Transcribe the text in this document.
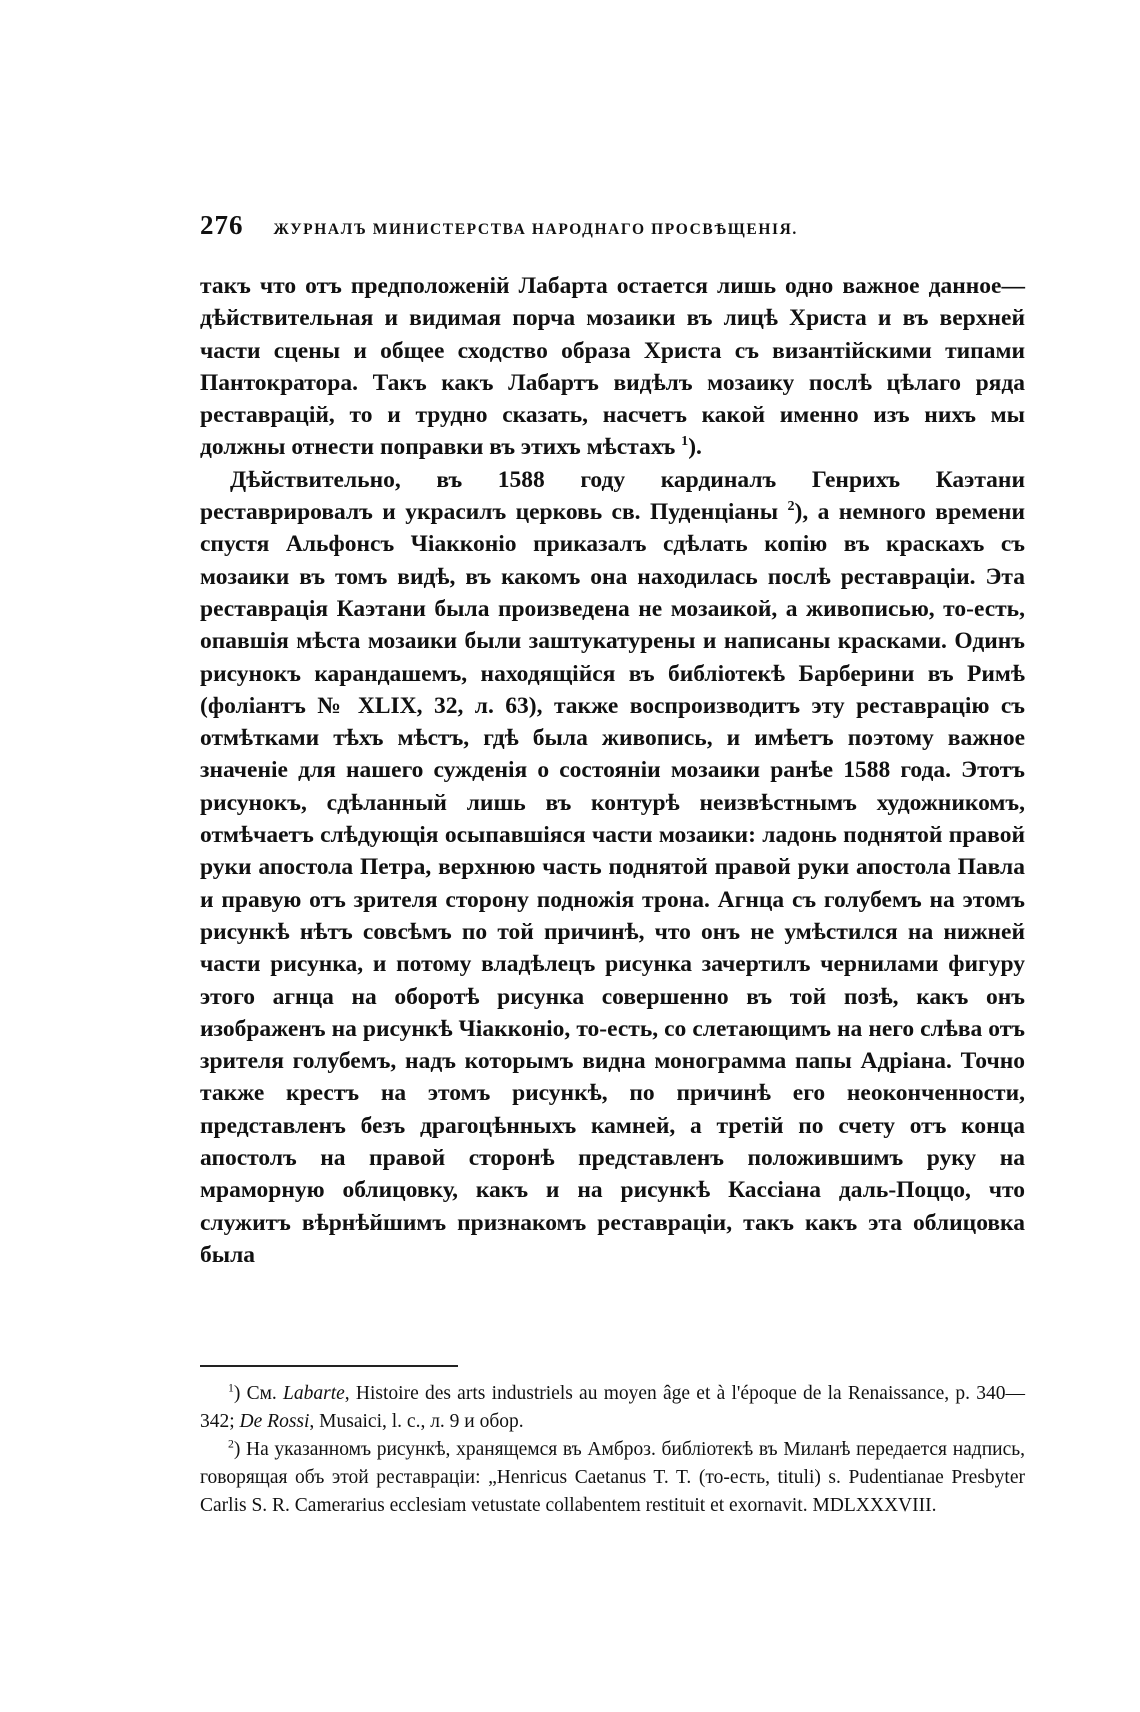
276 ЖУРНАЛЪ МИНИСТЕРСТВА НАРОДНАГО ПРОСВѢЩЕНІЯ.

такъ что отъ предположеній Лабарта остается лишь одно важное данное—дѣйствительная и видимая порча мозаики въ лицѣ Христа и въ верхней части сцены и общее сходство образа Христа съ византійскими типами Пантократора. Такъ какъ Лабартъ видѣлъ мозаику послѣ цѣлаго ряда реставрацій, то и трудно сказать, насчетъ какой именно изъ нихъ мы должны отнести поправки въ этихъ мѣстахъ $^1$).

Дѣйствительно, въ 1588 году кардиналъ Генрихъ Каэтани реставрировалъ и украсилъ церковь св. Пуденціаны $^2$), а немного времени спустя Альфонсъ Чіакконіо приказалъ сдѣлать копію въ краскахъ съ мозаики въ томъ видѣ, въ какомъ она находилась послѣ реставраціи. Эта реставрація Каэтани была произведена не мозаикой, а живописью, то-есть, опавшія мѣста мозаики были заштукатурены и написаны красками. Одинъ рисунокъ карандашемъ, находящійся въ библіотекѣ Барберини въ Римѣ (фоліантъ № XLIX, 32, л. 63), также воспроизводитъ эту реставрацію съ отмѣтками тѣхъ мѣстъ, гдѣ была живопись, и имѣетъ поэтому важное значеніе для нашего сужденія о состояніи мозаики ранѣе 1588 года. Этотъ рисунокъ, сдѣланный лишь въ контурѣ неизвѣстнымъ художникомъ, отмѣчаетъ слѣдующія осыпавшіяся части мозаики: ладонь поднятой правой руки апостола Петра, верхнюю часть поднятой правой руки апостола Павла и правую отъ зрителя сторону подножія трона. Агнца съ голубемъ на этомъ рисункѣ нѣтъ совсѣмъ по той причинѣ, что онъ не умѣстился на нижней части рисунка, и потому владѣлецъ рисунка зачертилъ чернилами фигуру этого агнца на оборотѣ рисунка совершенно въ той позѣ, какъ онъ изображенъ на рисункѣ Чіакконіо, то-есть, со слетающимъ на него слѣва отъ зрителя голубемъ, надъ которымъ видна монограмма папы Адріана. Точно также крестъ на этомъ рисункѣ, по причинѣ его неоконченности, представленъ безъ драгоцѣнныхъ камней, а третій по счету отъ конца апостолъ на правой сторонѣ представленъ положившимъ руку на мраморную облицовку, какъ и на рисункѣ Кассіана даль-Поццо, что служитъ вѣрнѣйшимъ признакомъ реставраціи, такъ какъ эта облицовка была

$^1$) См. Labarte, Histoire des arts industriels au moyen âge et à l'époque de la Renaissance, p. 340—342; De Rossi, Musaici, l. c., л. 9 и обор.

$^2$) На указанномъ рисункѣ, хранящемся въ Амброз. библіотекѣ въ Миланѣ передается надпись, говорящая объ этой реставраціи: „Henricus Caetanus T. T. (то-есть, tituli) s. Pudentianae Presbyter Carlis S. R. Camerarius ecclesiam vetustate collabentem restituit et exornavit. MDLXXXVIII.
